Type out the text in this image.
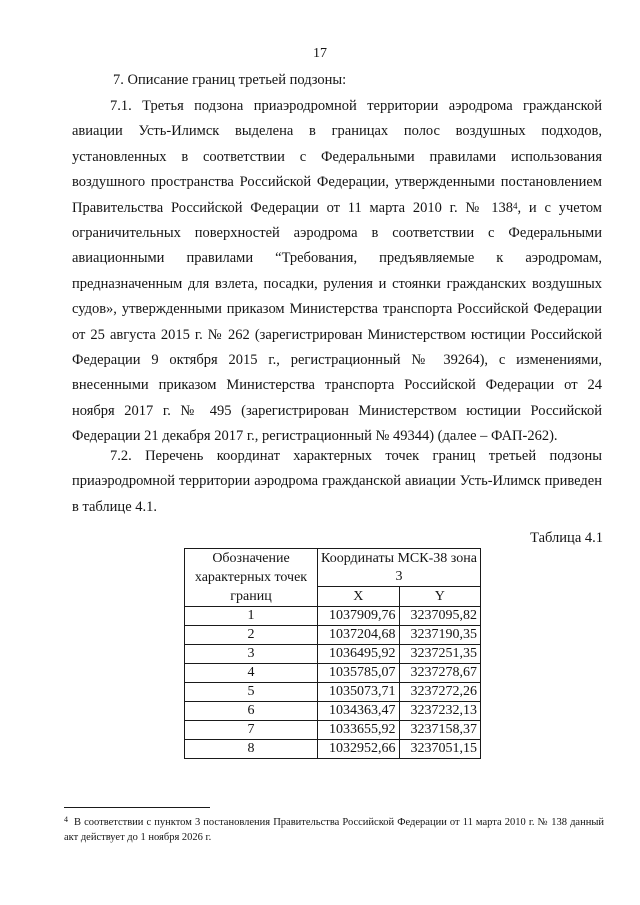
17
7. Описание границ третьей подзоны:

7.1. Третья подзона приаэродромной территории аэродрома гражданской авиации Усть-Илимск выделена в границах полос воздушных подходов, установленных в соответствии с Федеральными правилами использования воздушного пространства Российской Федерации, утвержденными постановлением Правительства Российской Федерации от 11 марта 2010 г. № 138$^4$, и с учетом ограничительных поверхностей аэродрома в соответствии с Федеральными авиационными правилами “Требования, предъявляемые к аэродромам, предназначенным для взлета, посадки, руления и стоянки гражданских воздушных судов», утвержденными приказом Министерства транспорта Российской Федерации от 25 августа 2015 г. № 262 (зарегистрирован Министерством юстиции Российской Федерации 9 октября 2015 г., регистрационный № 39264), с изменениями, внесенными приказом Министерства транспорта Российской Федерации от 24 ноября 2017 г. № 495 (зарегистрирован Министерством юстиции Российской Федерации 21 декабря 2017 г., регистрационный № 49344) (далее – ФАП-262).

7.2. Перечень координат характерных точек границ третьей подзоны приаэродромной территории аэродрома гражданской авиации Усть-Илимск приведен в таблице 4.1.

Таблица 4.1
Обозначение характерных точек границ	Координаты МСК-38 зона 3	
	X	Y
1	1037909,76	3237095,82
2	1037204,68	3237190,35
3	1036495,92	3237251,35
4	1035785,07	3237278,67
5	1035073,71	3237272,26
6	1034363,47	3237232,13
7	1033655,92	3237158,37
8	1032952,66	3237051,15

$^4$ В соответствии с пунктом 3 постановления Правительства Российской Федерации от 11 марта 2010 г. № 138 данный акт действует до 1 ноября 2026 г.
